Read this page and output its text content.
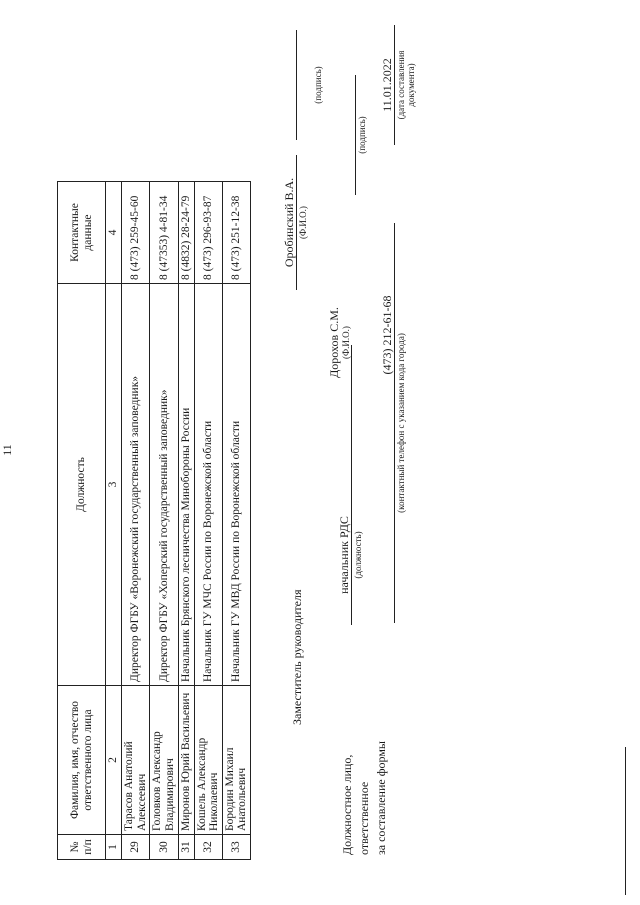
11
№ п/п	Фамилия, имя, отчество ответственного лица	Должность	Контактные данные
1	2	3	4
29	Тарасов Анатолий Алексеевич	Директор ФГБУ «Воронежский государственный заповедник»	8 (473) 259-45-60
30	Головков Александр Владимирович	Директор ФГБУ «Хоперский государственный заповедник»	8 (47353) 4-81-34
31	Миронов Юрий Васильевич	Начальник Брянского лесничества Минобороны России	8 (4832) 28-24-79
32	Кошель Александр Николаевич	Начальник ГУ МЧС России по Воронежской области	8 (473) 296-93-87
33	Бородин Михаил Анатольевич	Начальник ГУ МВД России по Воронежской области	8 (473) 251-12-38
Заместитель руководителя
Оробинский В.А. (Ф.И.О.)
(подпись)
Должностное лицо, ответственное за составление формы
начальник РДС (должность)
Дорохов С.М. (Ф.И.О.)
(подпись)
(473) 212-61-68 (контактный телефон с указанием кода города)
11.01.2022 (дата составления документа)
